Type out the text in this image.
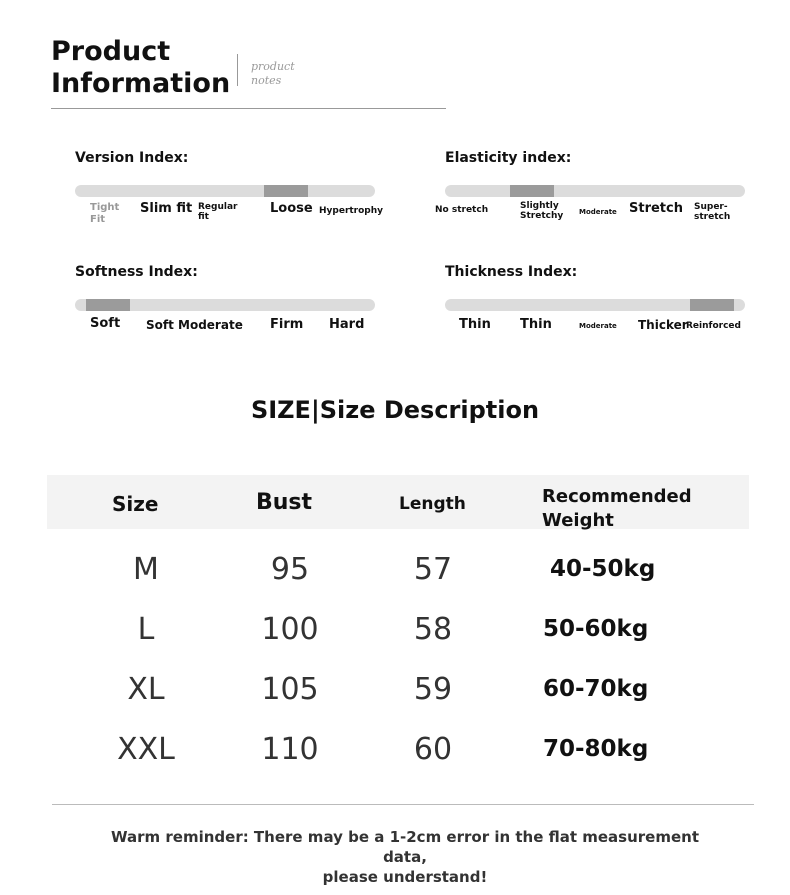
Product
Information
product
notes
Version Index:
Tight Fit
Slim fit Regular fit
Loose Hypertrophy
Elasticity index:
No stretch	Slightly Stretchy	Moderate Stretch Super-stretch
Softness Index:
Soft Soft Moderate Firm Hard
Thickness Index:
Thin Thin	Moderate Thicker
Reinforced
SIZE|Size Description
Size	Bust	Length	Recommended Weight
M	95	57	40-50kg
L	100	58	50-60kg
XL	105	59	60-70kg
XXL	110	60	70-80kg
Warm reminder: There may be a 1-2cm error in the flat measurement data,
please understand!
